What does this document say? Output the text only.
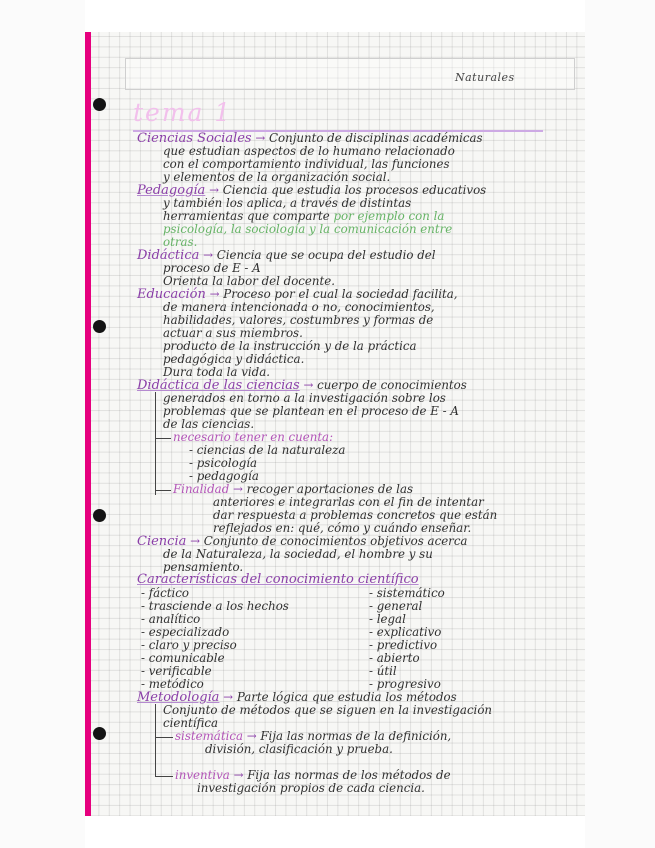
Naturales
tema 1
Ciencias Sociales → Conjunto de disciplinas académicas
que estudian aspectos de lo humano relacionado
con el comportamiento individual, las funciones
y elementos de la organización social.
Pedagogía → Ciencia que estudia los procesos educativos
y también los aplica, a través de distintas
herramientas que comparte por ejemplo con la
psicología, la sociología y la comunicación entre
otras.
Didáctica → Ciencia que se ocupa del estudio del
proceso de E - A
Orienta la labor del docente.
Educación → Proceso por el cual la sociedad facilita,
de manera intencionada o no, conocimientos,
habilidades, valores, costumbres y formas de
actuar a sus miembros.
producto de la instrucción y de la práctica
pedagógica y didáctica.
Dura toda la vida.
Didáctica de las ciencias → cuerpo de conocimientos
generados en torno a la investigación sobre los
problemas que se plantean en el proceso de E - A
de las ciencias.
necesario tener en cuenta:
- ciencias de la naturaleza
- psicología
- pedagogía
Finalidad → recoger aportaciones de las
anteriores e integrarlas con el fin de intentar
dar respuesta a problemas concretos que están
reflejados en: qué, cómo y cuándo enseñar.
Ciencia → Conjunto de conocimientos objetivos acerca
de la Naturaleza, la sociedad, el hombre y su
pensamiento.
Características del conocimiento científico
- fáctico
- trasciende a los hechos
- analítico
- especializado
- claro y preciso
- comunicable
- verificable
- metódico
- sistemático
- general
- legal
- explicativo
- predictivo
- abierto
- útil
- progresivo
Metodología → Parte lógica que estudia los métodos
Conjunto de métodos que se siguen en la investigación
científica
sistemática → Fija las normas de la definición,
división, clasificación y prueba.
inventiva → Fija las normas de los métodos de
investigación propios de cada ciencia.
